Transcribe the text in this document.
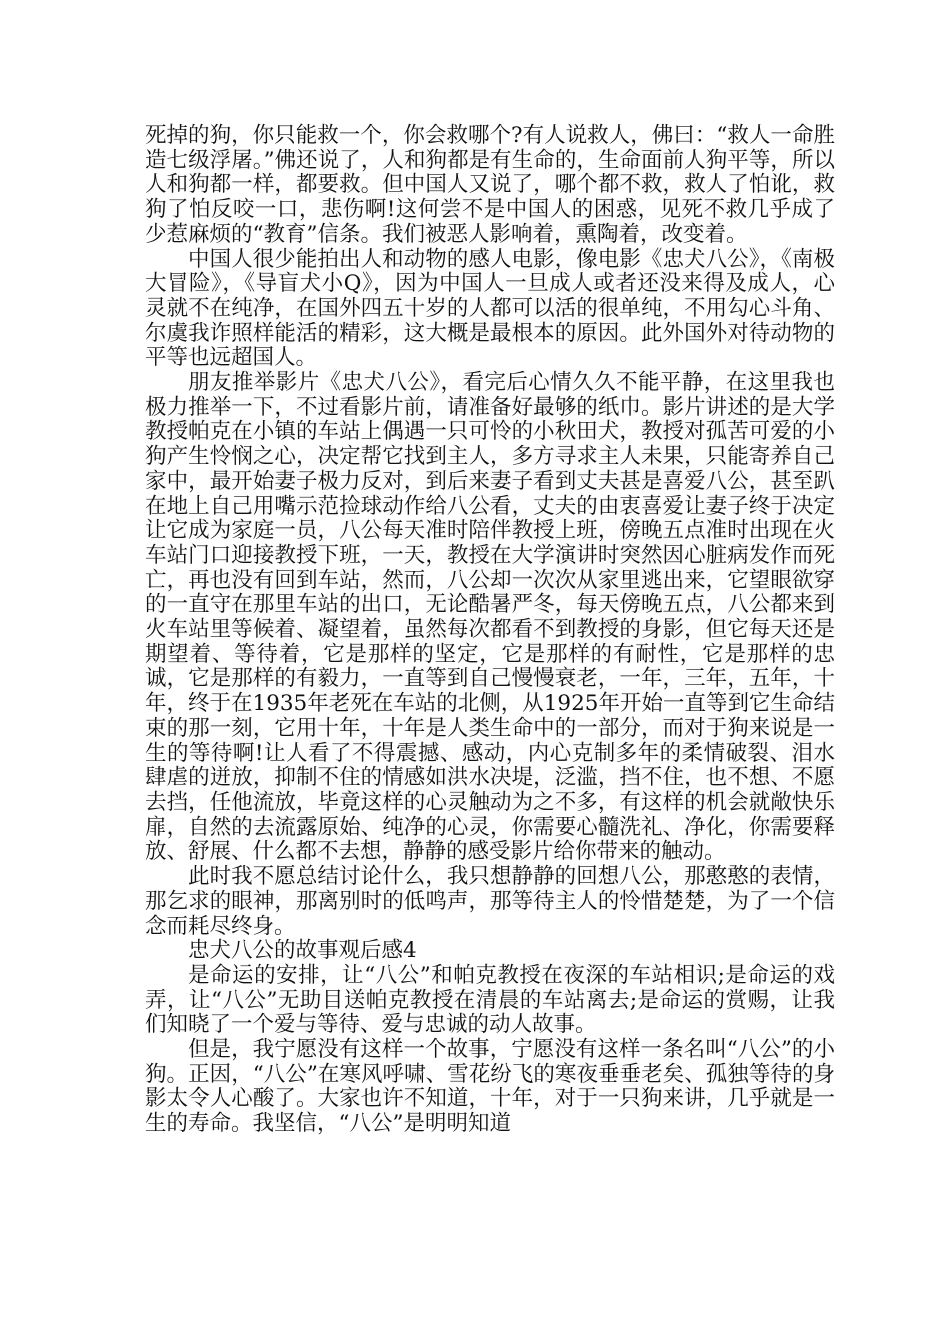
死掉的狗，你只能救一个，你会救哪个?有人说救人，佛曰：“救人一命胜造七级浮屠。”佛还说了，人和狗都是有生命的，生命面前人狗平等，所以人和狗都一样，都要救。但中国人又说了，哪个都不救，救人了怕讹，救狗了怕反咬一口，悲伤啊!这何尝不是中国人的困惑，见死不救几乎成了少惹麻烦的“教育”信条。我们被恶人影响着，熏陶着，改变着。

中国人很少能拍出人和动物的感人电影，像电影《忠犬八公》，《南极大冒险》，《导盲犬小Q》，因为中国人一旦成人或者还没来得及成人，心灵就不在纯净，在国外四五十岁的人都可以活的很单纯，不用勾心斗角、尔虞我诈照样能活的精彩，这大概是最根本的原因。此外国外对待动物的平等也远超国人。

朋友推举影片《忠犬八公》，看完后心情久久不能平静，在这里我也极力推举一下，不过看影片前，请准备好最够的纸巾。影片讲述的是大学教授帕克在小镇的车站上偶遇一只可怜的小秋田犬，教授对孤苦可爱的小狗产生怜悯之心，决定帮它找到主人，多方寻求主人未果，只能寄养自己家中，最开始妻子极力反对，到后来妻子看到丈夫甚是喜爱八公，甚至趴在地上自己用嘴示范捡球动作给八公看，丈夫的由衷喜爱让妻子终于决定让它成为家庭一员，八公每天准时陪伴教授上班，傍晚五点准时出现在火车站门口迎接教授下班，一天，教授在大学演讲时突然因心脏病发作而死亡，再也没有回到车站，然而，八公却一次次从家里逃出来，它望眼欲穿的一直守在那里车站的出口，无论酷暑严冬，每天傍晚五点，八公都来到火车站里等候着、凝望着，虽然每次都看不到教授的身影，但它每天还是期望着、等待着，它是那样的坚定，它是那样的有耐性，它是那样的忠诚，它是那样的有毅力，一直等到自己慢慢衰老，一年，三年，五年，十年，终于在1935年老死在车站的北侧，从1925年开始一直等到它生命结束的那一刻，它用十年，十年是人类生命中的一部分，而对于狗来说是一生的等待啊!让人看了不得震撼、感动，内心克制多年的柔情破裂、泪水肆虐的迸放，抑制不住的情感如洪水决堤，泛滥，挡不住，也不想、不愿去挡，任他流放，毕竟这样的心灵触动为之不多，有这样的机会就敞快乐扉，自然的去流露原始、纯净的心灵，你需要心髓洗礼、净化，你需要释放、舒展、什么都不去想，静静的感受影片给你带来的触动。

此时我不愿总结讨论什么，我只想静静的回想八公，那憨憨的表情，那乞求的眼神，那离别时的低鸣声，那等待主人的怜惜楚楚，为了一个信念而耗尽终身。

忠犬八公的故事观后感4

是命运的安排，让“八公”和帕克教授在夜深的车站相识;是命运的戏弄，让“八公”无助目送帕克教授在清晨的车站离去;是命运的赏赐，让我们知晓了一个爱与等待、爱与忠诚的动人故事。

但是，我宁愿没有这样一个故事，宁愿没有这样一条名叫“八公”的小狗。正因，“八公”在寒风呼啸、雪花纷飞的寒夜垂垂老矣、孤独等待的身影太令人心酸了。大家也许不知道，十年，对于一只狗来讲，几乎就是一生的寿命。我坚信，“八公”是明明知道
